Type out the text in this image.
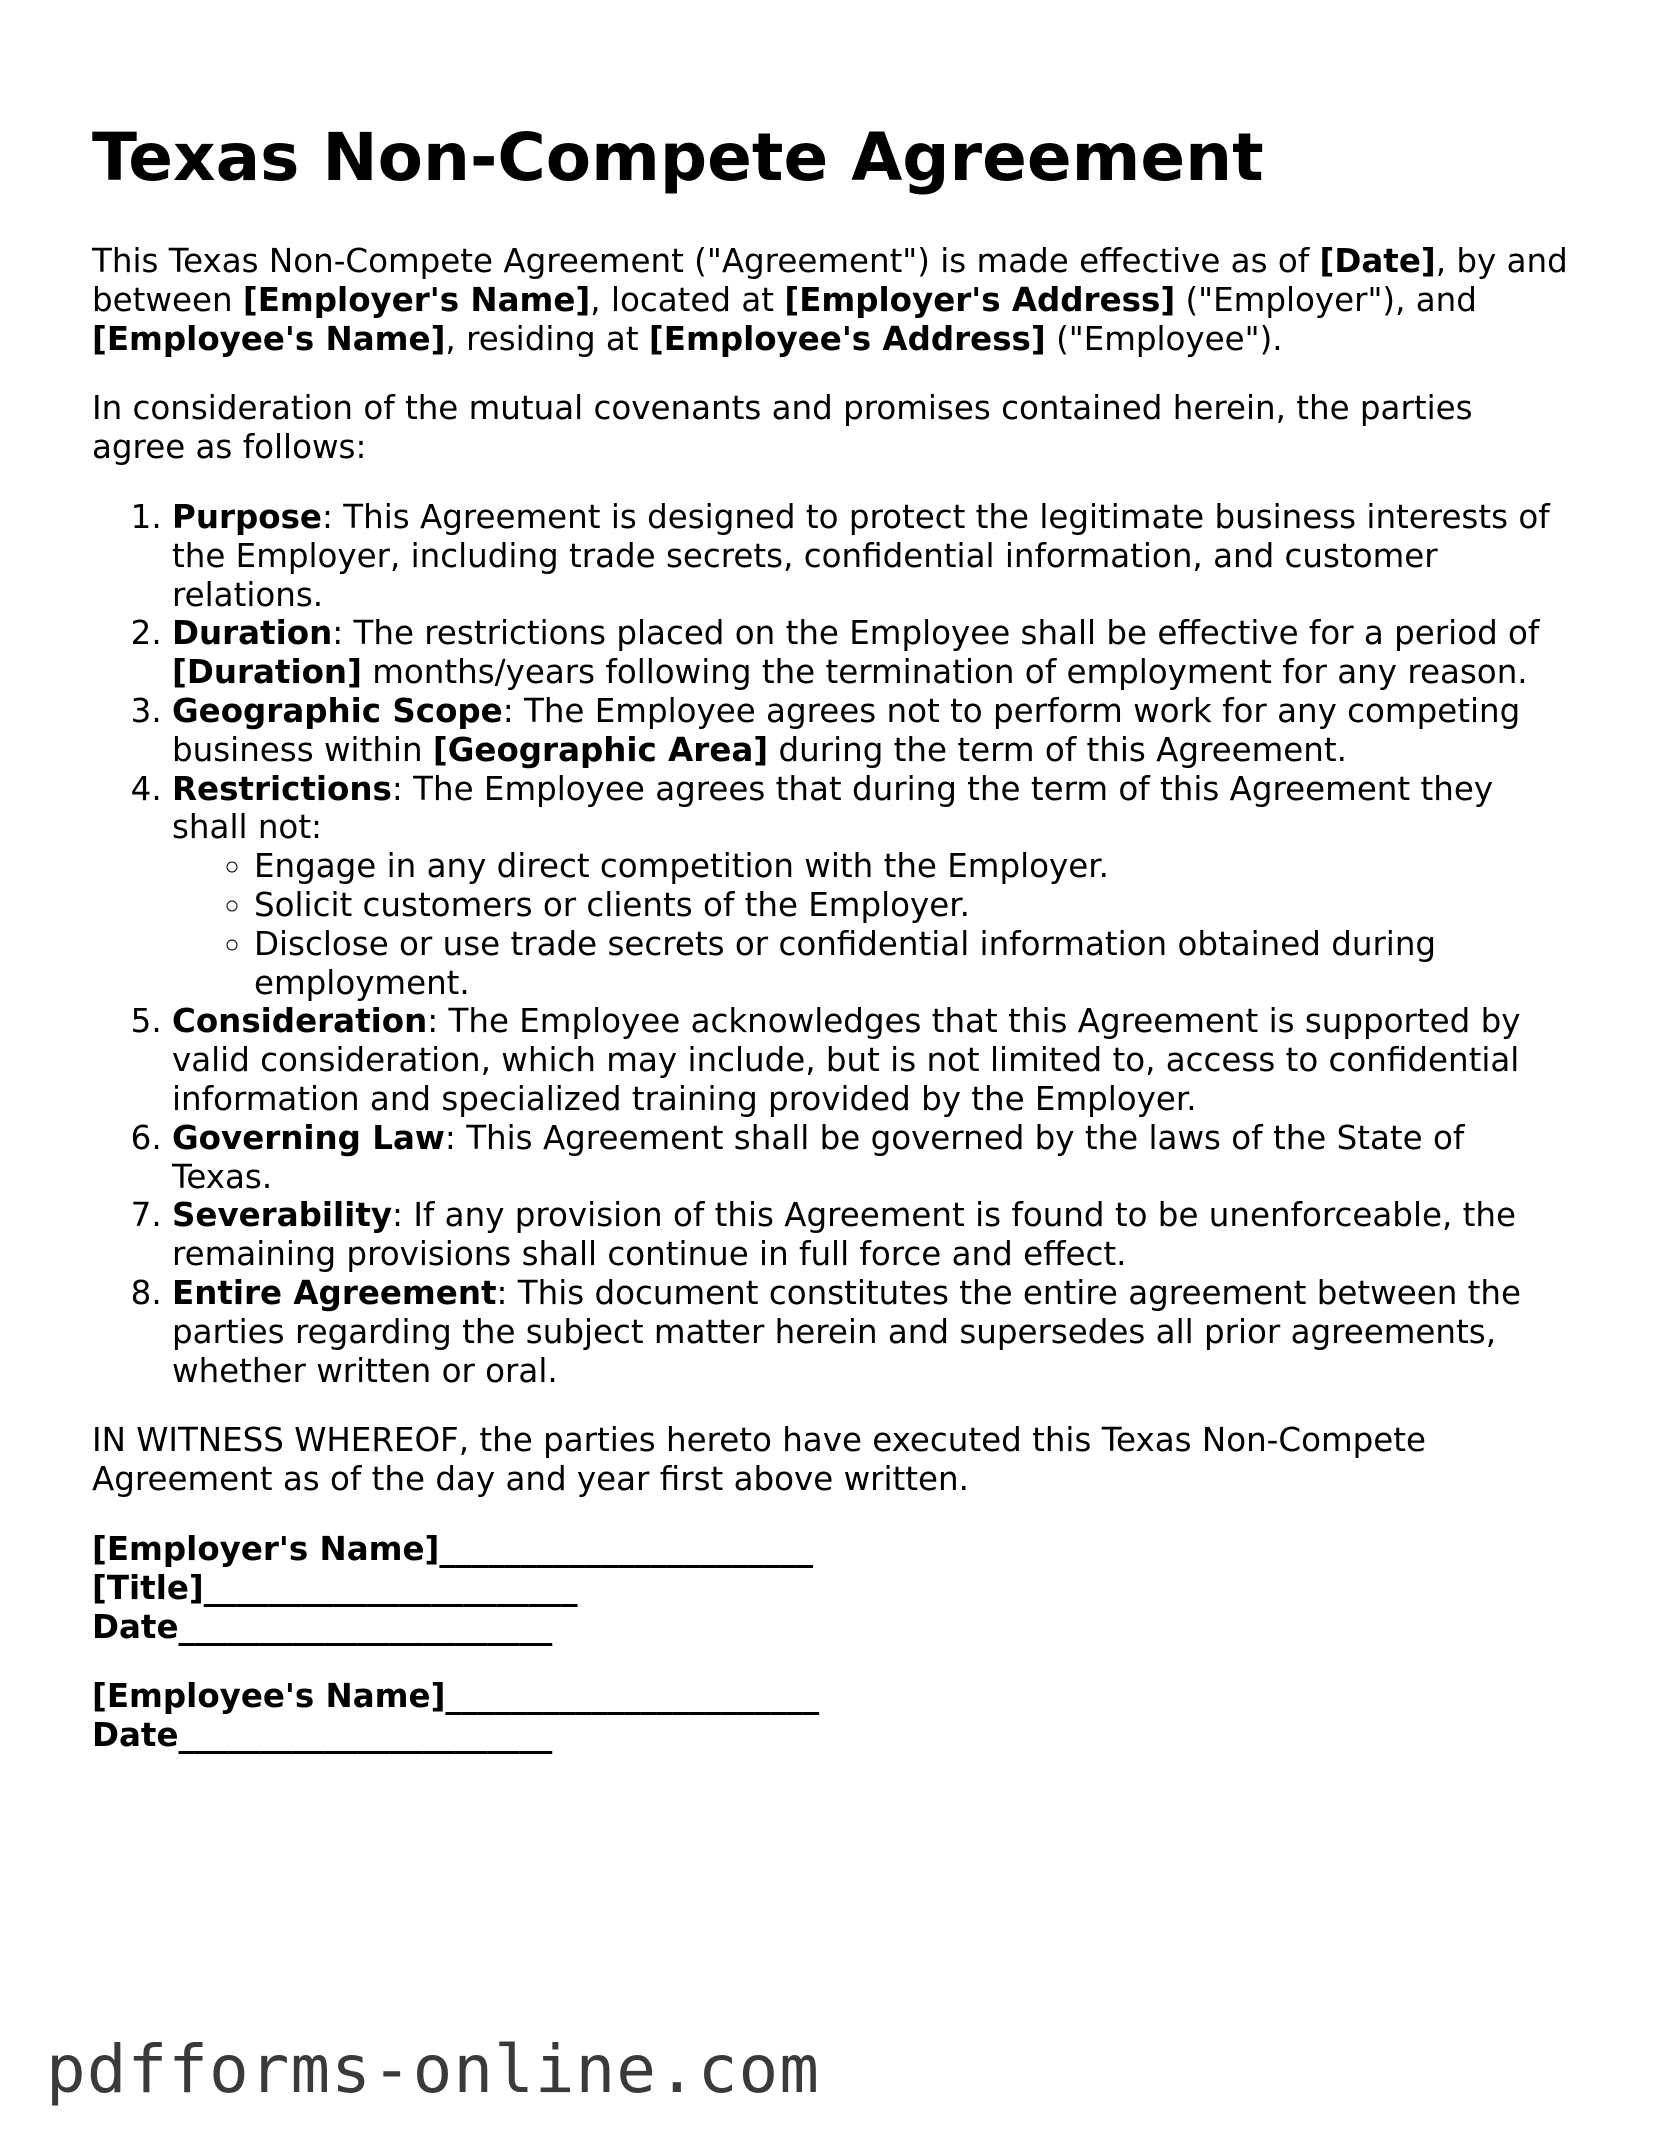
Texas Non-Compete Agreement

This Texas Non-Compete Agreement ("Agreement") is made effective as of [Date], by and between [Employer's Name], located at [Employer's Address] ("Employer"), and [Employee's Name], residing at [Employee's Address] ("Employee").

In consideration of the mutual covenants and promises contained herein, the parties agree as follows:

1. Purpose: This Agreement is designed to protect the legitimate business interests of the Employer, including trade secrets, confidential information, and customer relations.
2. Duration: The restrictions placed on the Employee shall be effective for a period of [Duration] months/years following the termination of employment for any reason.
3. Geographic Scope: The Employee agrees not to perform work for any competing business within [Geographic Area] during the term of this Agreement.
4. Restrictions: The Employee agrees that during the term of this Agreement they shall not:
◦ Engage in any direct competition with the Employer.
◦ Solicit customers or clients of the Employer.
◦ Disclose or use trade secrets or confidential information obtained during employment.
5. Consideration: The Employee acknowledges that this Agreement is supported by valid consideration, which may include, but is not limited to, access to confidential information and specialized training provided by the Employer.
6. Governing Law: This Agreement shall be governed by the laws of the State of Texas.
7. Severability: If any provision of this Agreement is found to be unenforceable, the remaining provisions shall continue in full force and effect.
8. Entire Agreement: This document constitutes the entire agreement between the parties regarding the subject matter herein and supersedes all prior agreements, whether written or oral.

IN WITNESS WHEREOF, the parties hereto have executed this Texas Non-Compete Agreement as of the day and year first above written.

[Employer's Name]_______________________
[Title]_______________________
Date_______________________
[Employee's Name]_______________________
Date_______________________
pdfforms-online.com
